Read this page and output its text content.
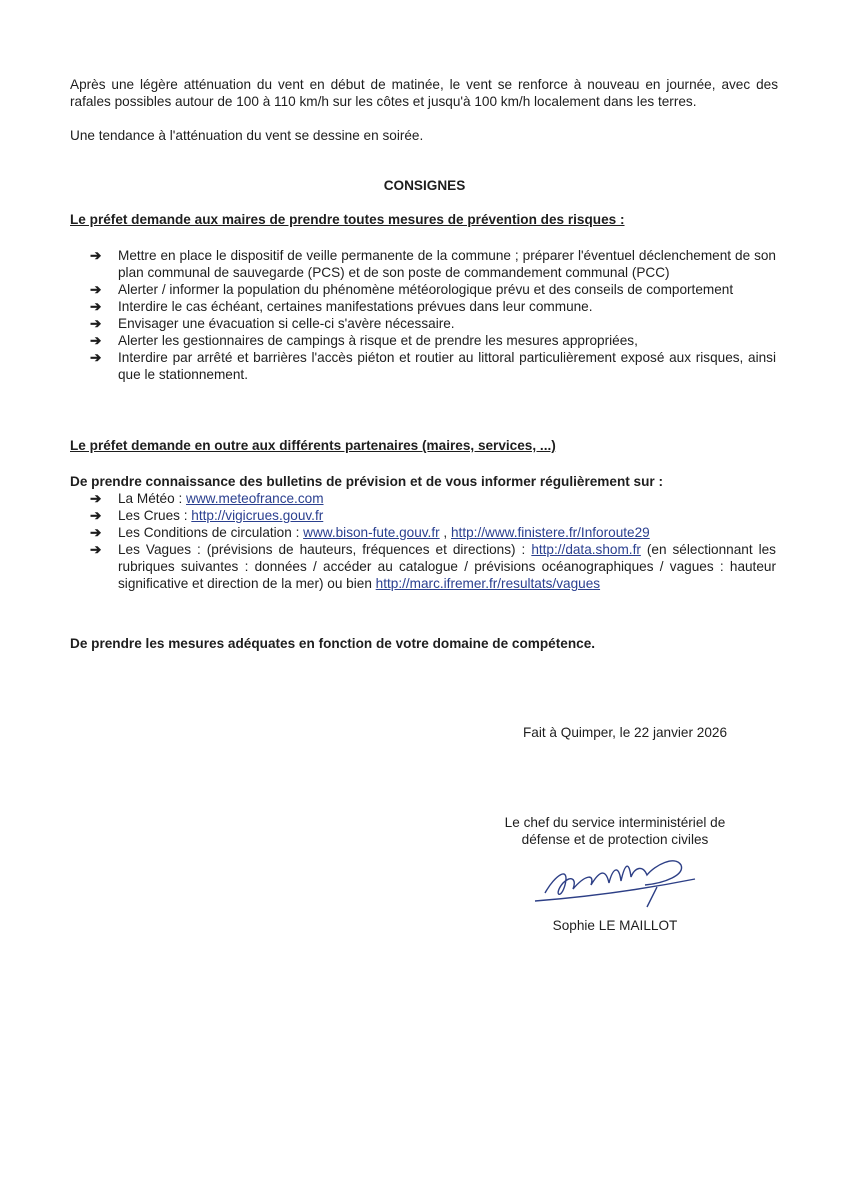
Après une légère atténuation du vent en début de matinée, le vent se renforce à nouveau en journée, avec des rafales possibles autour de 100 à 110 km/h sur les côtes et jusqu'à 100 km/h localement dans les terres.
Une tendance à l'atténuation du vent se dessine en soirée.
CONSIGNES
Le préfet demande aux maires de prendre toutes mesures de prévention des risques :
➔ Mettre en place le dispositif de veille permanente de la commune ; préparer l'éventuel déclenchement de son plan communal de sauvegarde (PCS) et de son poste de commandement communal (PCC)
➔ Alerter / informer la population du phénomène météorologique prévu et des conseils de comportement
➔ Interdire le cas échéant, certaines manifestations prévues dans leur commune.
➔ Envisager une évacuation si celle-ci s'avère nécessaire.
➔ Alerter les gestionnaires de campings à risque et de prendre les mesures appropriées,
➔ Interdire par arrêté et barrières l'accès piéton et routier au littoral particulièrement exposé aux risques, ainsi que le stationnement.
Le préfet demande en outre aux différents partenaires (maires, services, ...)
De prendre connaissance des bulletins de prévision et de vous informer régulièrement sur :
➔ La Météo : www.meteofrance.com
➔ Les Crues : http://vigicrues.gouv.fr
➔ Les Conditions de circulation : www.bison-fute.gouv.fr , http://www.finistere.fr/Inforoute29
➔ Les Vagues : (prévisions de hauteurs, fréquences et directions) : http://data.shom.fr (en sélectionnant les rubriques suivantes : données / accéder au catalogue / prévisions océanographiques / vagues : hauteur significative et direction de la mer) ou bien http://marc.ifremer.fr/resultats/vagues
De prendre les mesures adéquates en fonction de votre domaine de compétence.
Fait à Quimper, le 22 janvier 2026
Le chef du service interministériel de
défense et de protection civiles
Sophie LE MAILLOT
